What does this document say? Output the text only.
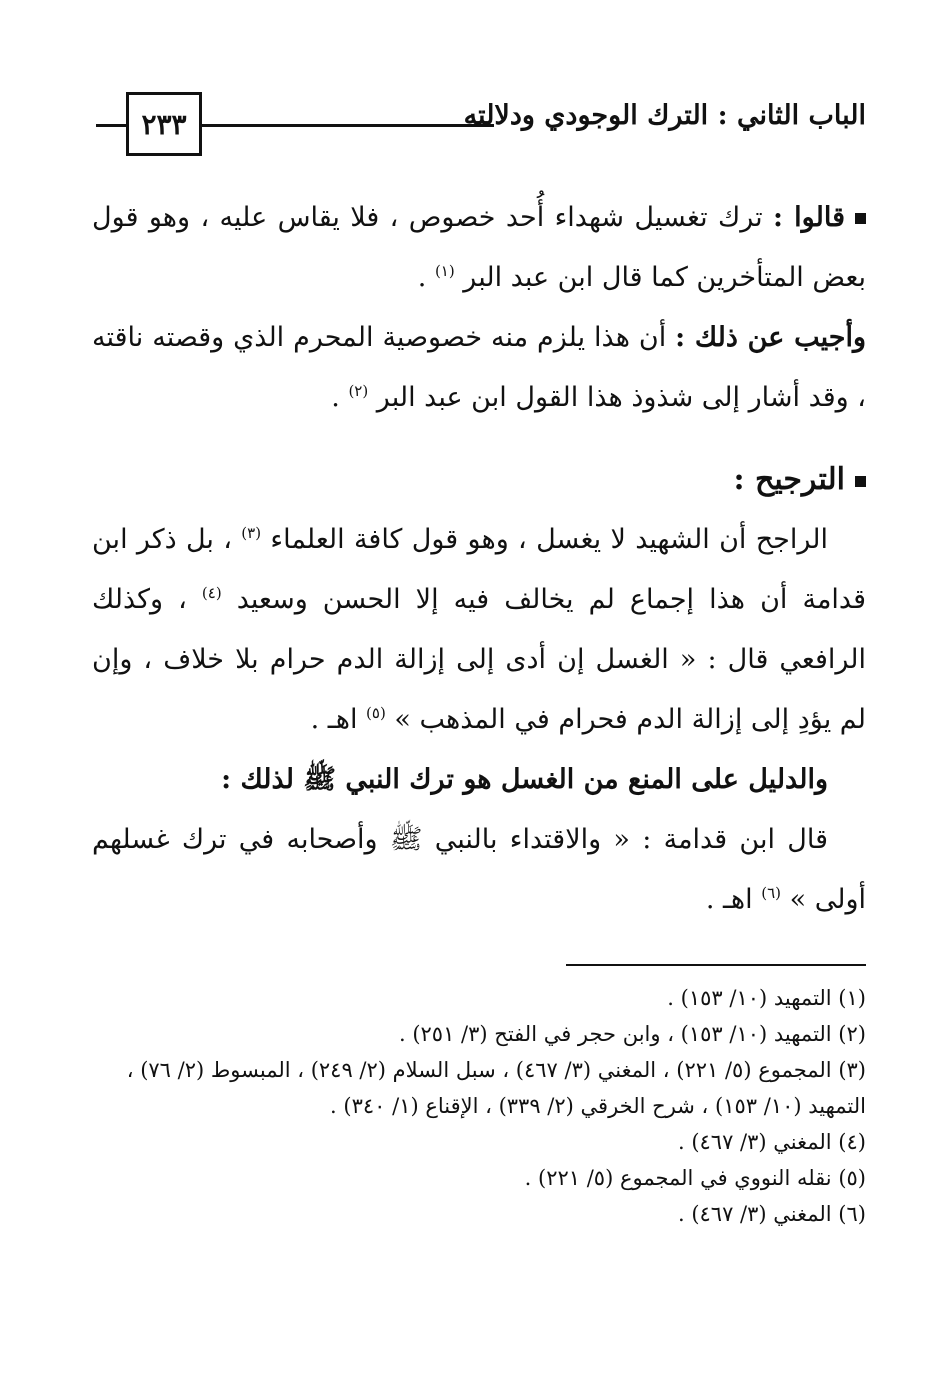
الباب الثاني : الترك الوجودي ودلالته
٢٣٣

قالوا : ترك تغسيل شهداء أُحد خصوص ، فلا يقاس عليه ، وهو قول بعض المتأخرين كما قال ابن عبد البر $^{(١)}$ .

وأجيب عن ذلك : أن هذا يلزم منه خصوصية المحرم الذي وقصته ناقته ، وقد أشار إلى شذوذ هذا القول ابن عبد البر $^{(٢)}$ .

الترجيح :

الراجح أن الشهيد لا يغسل ، وهو قول كافة العلماء $^{(٣)}$ ، بل ذكر ابن قدامة أن هذا إجماع لم يخالف فيه إلا الحسن وسعيد $^{(٤)}$ ، وكذلك الرافعي قال : « الغسل إن أدى إلى إزالة الدم حرام بلا خلاف ، وإن لم يؤدِ إلى إزالة الدم فحرام في المذهب » $^{(٥)}$ اهـ .

والدليل على المنع من الغسل هو ترك النبي ﷺ لذلك :

قال ابن قدامة : « والاقتداء بالنبي ﷺ وأصحابه في ترك غسلهم أولى » $^{(٦)}$ اهـ .

(١) التمهيد (١٠/ ١٥٣) .

(٢) التمهيد (١٠/ ١٥٣) ، وابن حجر في الفتح (٣/ ٢٥١) .

(٣) المجموع (٥/ ٢٢١) ، المغني (٣/ ٤٦٧) ، سبل السلام (٢/ ٢٤٩) ، المبسوط (٢/ ٧٦) ،

التمهيد (١٠/ ١٥٣) ، شرح الخرقي (٢/ ٣٣٩) ، الإقناع (١/ ٣٤٠) .

(٤) المغني (٣/ ٤٦٧) .

(٥) نقله النووي في المجموع (٥/ ٢٢١) .

(٦) المغني (٣/ ٤٦٧) .
